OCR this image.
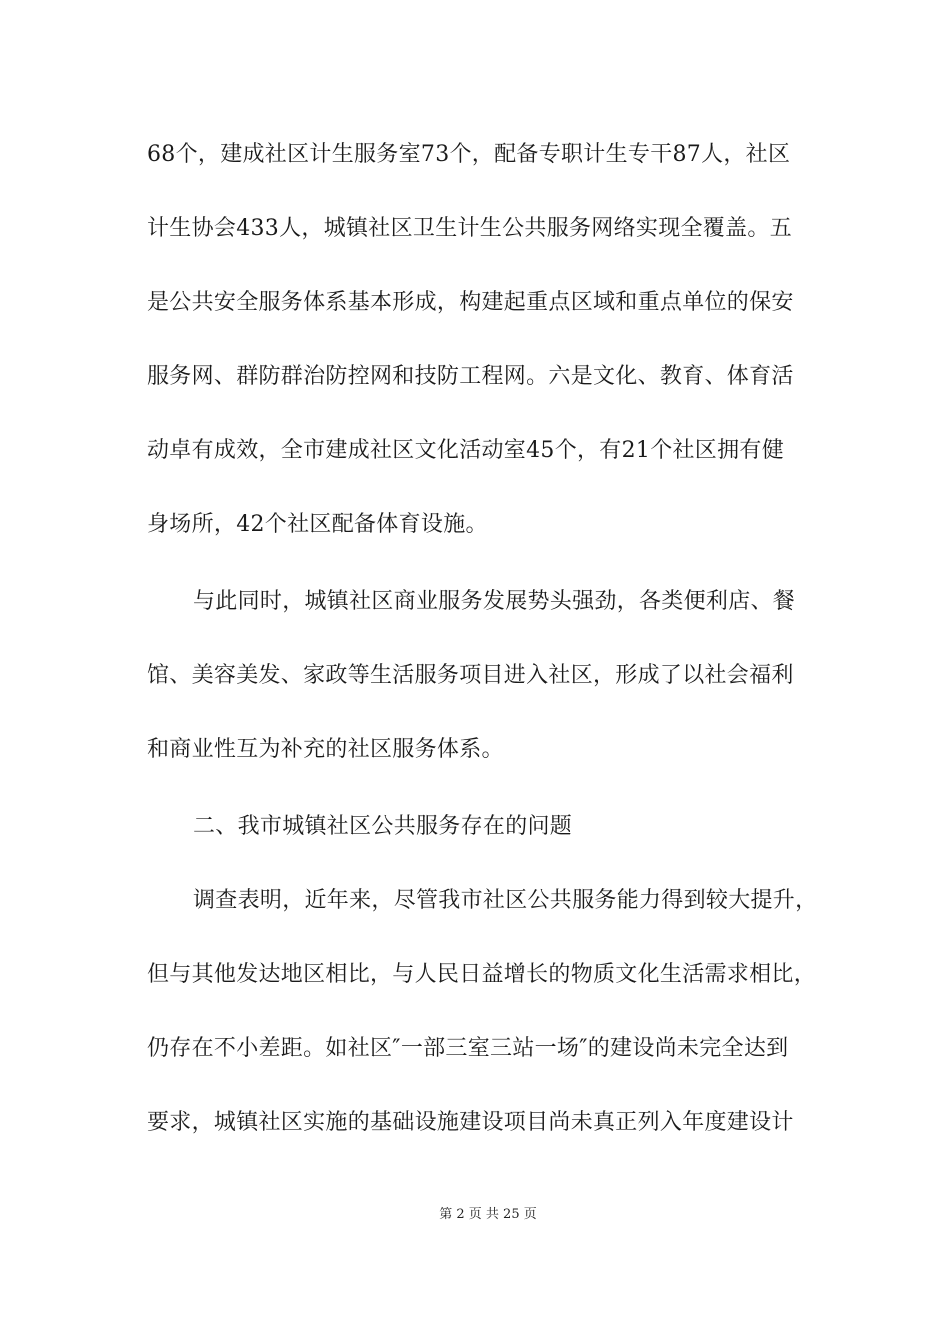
68个，建成社区计生服务室73个，配备专职计生专干87人，社区
计生协会433人，城镇社区卫生计生公共服务网络实现全覆盖。五
是公共安全服务体系基本形成，构建起重点区域和重点单位的保安
服务网、群防群治防控网和技防工程网。六是文化、教育、体育活
动卓有成效，全市建成社区文化活动室45个，有21个社区拥有健
身场所，42个社区配备体育设施。
与此同时，城镇社区商业服务发展势头强劲，各类便利店、餐
馆、美容美发、家政等生活服务项目进入社区，形成了以社会福利
和商业性互为补充的社区服务体系。
二、我市城镇社区公共服务存在的问题
调查表明，近年来，尽管我市社区公共服务能力得到较大提升，
但与其他发达地区相比，与人民日益增长的物质文化生活需求相比，
仍存在不小差距。如社区″一部三室三站一场″的建设尚未完全达到
要求，城镇社区实施的基础设施建设项目尚未真正列入年度建设计
第 2 页 共 25 页
